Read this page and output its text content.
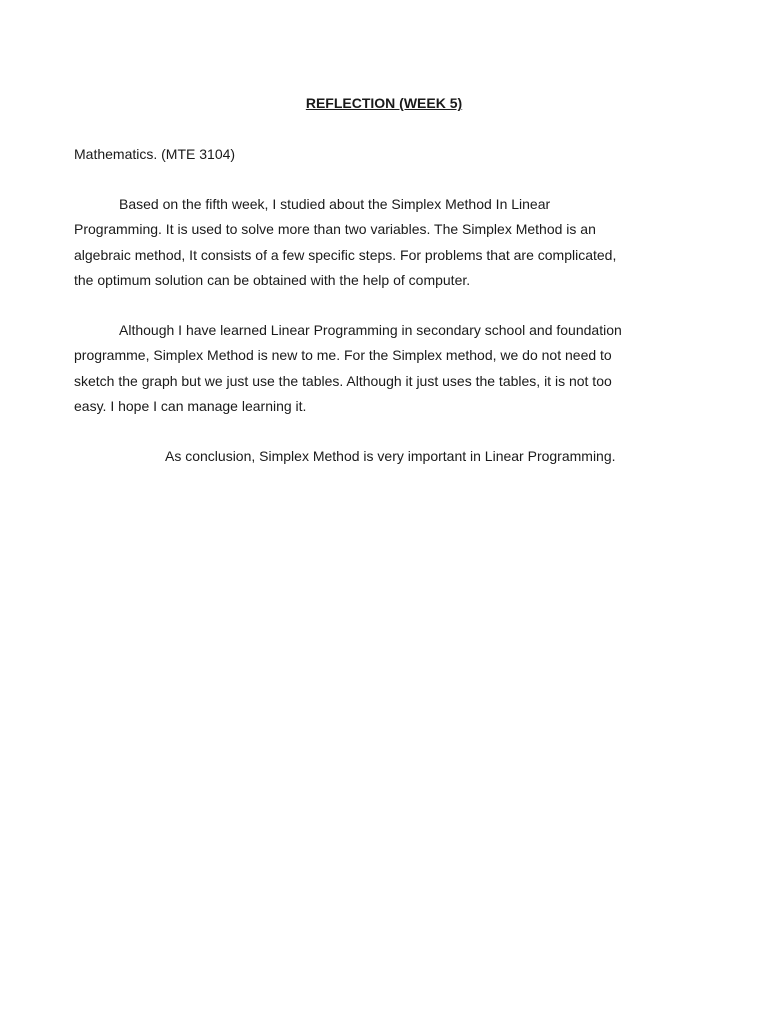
REFLECTION (WEEK 5)
Mathematics. (MTE 3104)
Based on the fifth week, I studied about the Simplex Method In Linear
Programming. It is used to solve more than two variables. The Simplex Method is an
algebraic method, It consists of a few specific steps. For problems that are complicated,
the optimum solution can be obtained with the help of computer.
Although I have learned Linear Programming in secondary school and foundation
programme, Simplex Method is new to me. For the Simplex method, we do not need to
sketch the graph but we just use the tables. Although it just uses the tables, it is not too
easy. I hope I can manage learning it.
As conclusion, Simplex Method is very important in Linear Programming.
